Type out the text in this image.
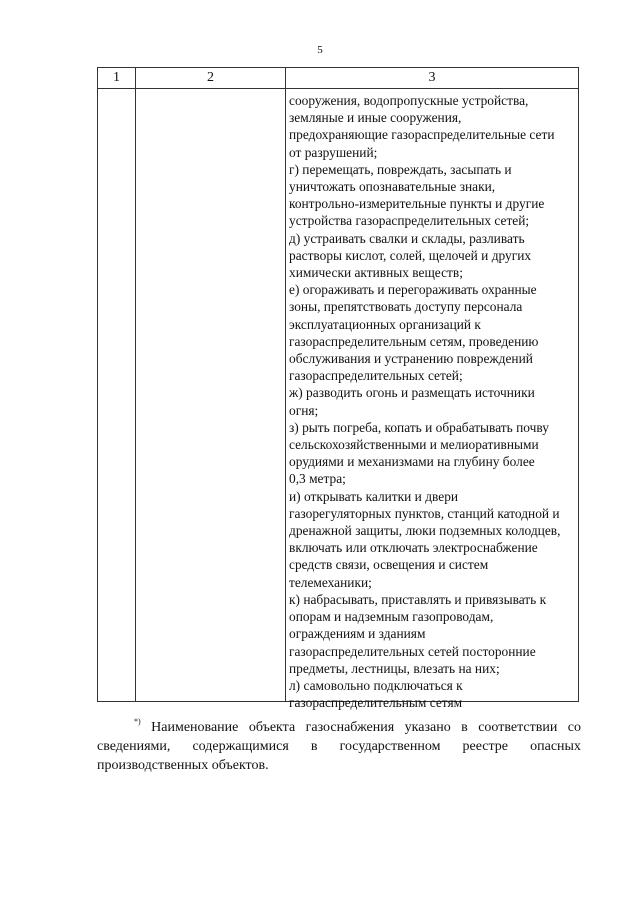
5
1	2	3
сооружения, водопропускные устройства,
земляные и иные сооружения,
предохраняющие газораспределительные сети
от разрушений;
г) перемещать, повреждать, засыпать и
уничтожать опознавательные знаки,
контрольно-измерительные пункты и другие
устройства газораспределительных сетей;
д) устраивать свалки и склады, разливать
растворы кислот, солей, щелочей и других
химически активных веществ;
е) огораживать и перегораживать охранные
зоны, препятствовать доступу персонала
эксплуатационных организаций к
газораспределительным сетям, проведению
обслуживания и устранению повреждений
газораспределительных сетей;
ж) разводить огонь и размещать источники
огня;
з) рыть погреба, копать и обрабатывать почву
сельскохозяйственными и мелиоративными
орудиями и механизмами на глубину более
0,3 метра;
и) открывать калитки и двери
газорегуляторных пунктов, станций катодной и
дренажной защиты, люки подземных колодцев,
включать или отключать электроснабжение
средств связи, освещения и систем
телемеханики;
к) набрасывать, приставлять и привязывать к
опорам и надземным газопроводам,
ограждениям и зданиям
газораспределительных сетей посторонние
предметы, лестницы, влезать на них;
л) самовольно подключаться к
газораспределительным сетям
*) Наименование объекта газоснабжения указано в соответствии со
сведениями, содержащимися в государственном реестре опасных
производственных объектов.
